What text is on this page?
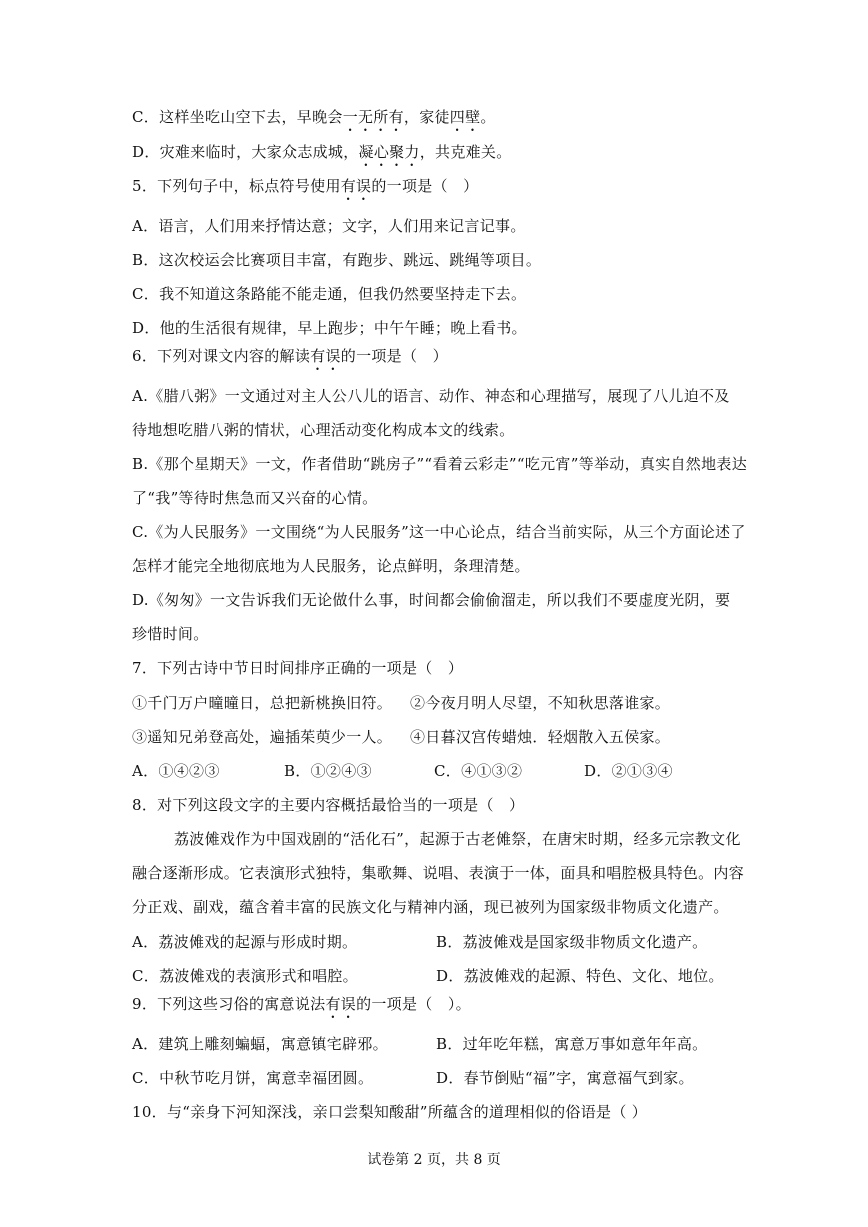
C．这样坐吃山空下去，早晚会一无所有，家徒四壁。
D．灾难来临时，大家众志成城，凝心聚力，共克难关。
5．下列句子中，标点符号使用有误的一项是（　）
A．语言，人们用来抒情达意；文字，人们用来记言记事。
B．这次校运会比赛项目丰富，有跑步、跳远、跳绳等项目。
C．我不知道这条路能不能走通，但我仍然要坚持走下去。
D．他的生活很有规律，早上跑步；中午午睡；晚上看书。
6．下列对课文内容的解读有误的一项是（　）
A.《腊八粥》一文通过对主人公八儿的语言、动作、神态和心理描写，展现了八儿迫不及
待地想吃腊八粥的情状，心理活动变化构成本文的线索。
B.《那个星期天》一文，作者借助“跳房子”“看着云彩走”“吃元宵”等举动，真实自然地表达
了“我”等待时焦急而又兴奋的心情。
C.《为人民服务》一文围绕“为人民服务”这一中心论点，结合当前实际，从三个方面论述了
怎样才能完全地彻底地为人民服务，论点鲜明，条理清楚。
D.《匆匆》一文告诉我们无论做什么事，时间都会偷偷溜走，所以我们不要虚度光阴，要
珍惜时间。
7．下列古诗中节日时间排序正确的一项是（　）
①千门万户曈曈日，总把新桃换旧符。 ②今夜月明人尽望，不知秋思落谁家。
③遥知兄弟登高处，遍插茱萸少一人。 ④日暮汉宫传蜡烛．轻烟散入五侯家。
A．①④②③	B．①②④③	C．④①③②	D．②①③④
8．对下列这段文字的主要内容概括最恰当的一项是（　）
荔波傩戏作为中国戏剧的“活化石”，起源于古老傩祭，在唐宋时期，经多元宗教文化
融合逐渐形成。它表演形式独特，集歌舞、说唱、表演于一体，面具和唱腔极具特色。内容
分正戏、副戏，蕴含着丰富的民族文化与精神内涵，现已被列为国家级非物质文化遗产。
A．荔波傩戏的起源与形成时期。	B．荔波傩戏是国家级非物质文化遗产。
C．荔波傩戏的表演形式和唱腔。	D．荔波傩戏的起源、特色、文化、地位。
9．下列这些习俗的寓意说法有误的一项是（　）。
A．建筑上雕刻蝙蝠，寓意镇宅辟邪。	B．过年吃年糕，寓意万事如意年年高。
C．中秋节吃月饼，寓意幸福团圆。	D．春节倒贴“福”字，寓意福气到家。
10．与“亲身下河知深浅，亲口尝梨知酸甜”所蕴含的道理相似的俗语是（ ）
试卷第 2 页，共 8 页
